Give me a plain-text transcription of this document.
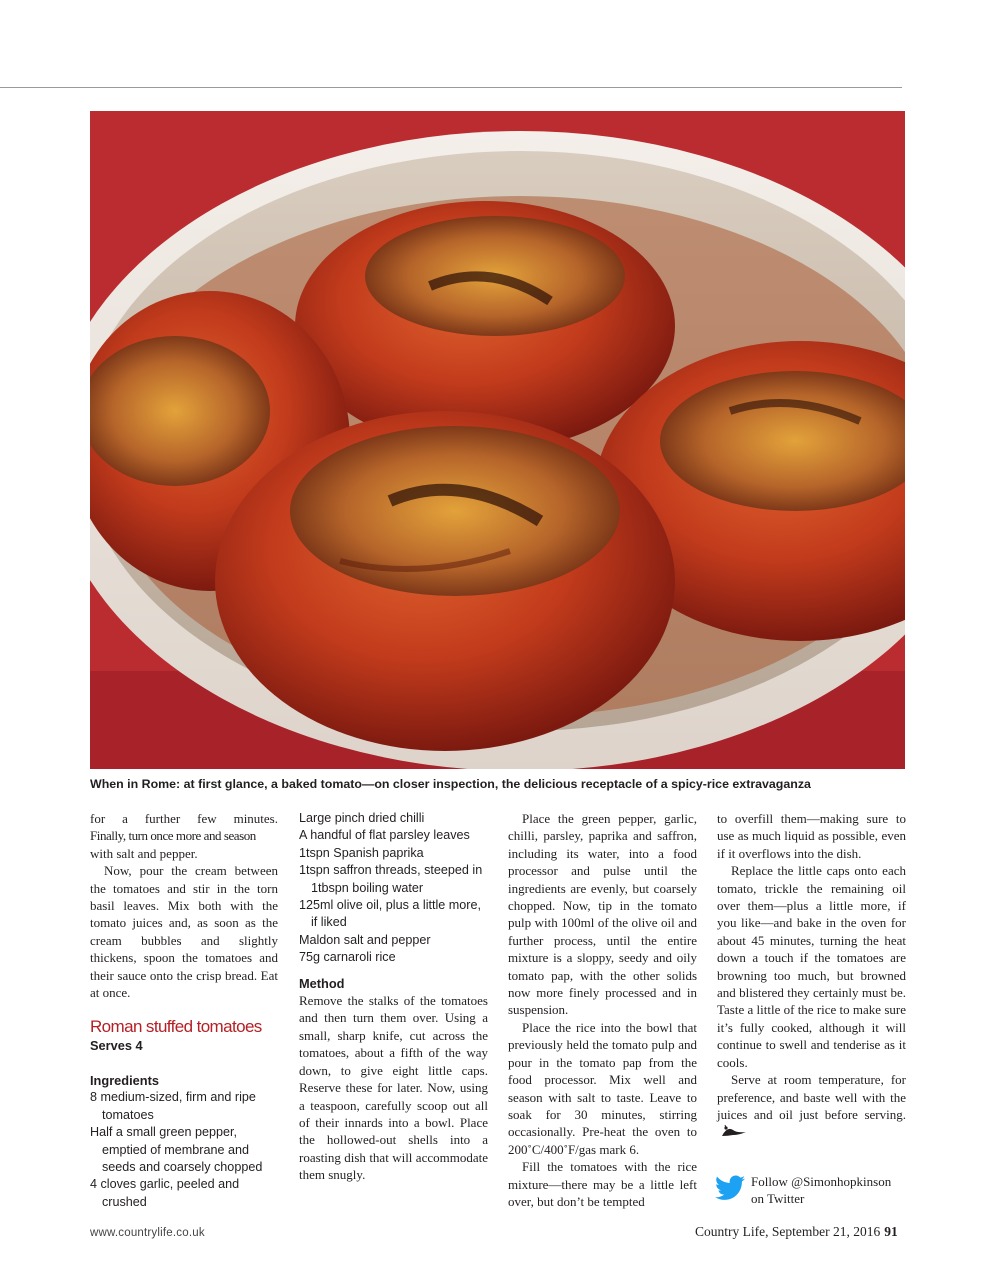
When in Rome: at first glance, a baked tomato—on closer inspection, the delicious receptacle of a spicy-rice extravaganza

for a further few minutes.

Finally, turn once more and season

with salt and pepper.

Now, pour the cream between the tomatoes and stir in the torn basil leaves. Mix both with the tomato juices and, as soon as the cream bubbles and slightly thickens, spoon the tomatoes and their sauce onto the crisp bread. Eat at once.

Roman stuffed tomatoes
Serves 4
Ingredients
8 medium-sized, firm and ripe tomatoes
Half a small green pepper, emptied of membrane and seeds and coarsely chopped
4 cloves garlic, peeled and crushed
Large pinch dried chilli
A handful of flat parsley leaves
1tspn Spanish paprika
1tspn saffron threads, steeped in 1tbspn boiling water
125ml olive oil, plus a little more, if liked
Maldon salt and pepper
75g carnaroli rice
Method

Remove the stalks of the tomatoes and then turn them over. Using a small, sharp knife, cut across the tomatoes, about a fifth of the way down, to give eight little caps. Reserve these for later. Now, using a teaspoon, carefully scoop out all of their innards into a bowl. Place the hollowed-out shells into a roasting dish that will accommodate them snugly.

Place the green pepper, garlic, chilli, parsley, paprika and saffron, including its water, into a food processor and pulse until the ingredients are evenly, but coarsely chopped. Now, tip in the tomato pulp with 100ml of the olive oil and further process, until the entire mixture is a sloppy, seedy and oily tomato pap, with the other solids now more finely processed and in suspension.

Place the rice into the bowl that previously held the tomato pulp and pour in the tomato pap from the food processor. Mix well and season with salt to taste. Leave to soak for 30 minutes, stirring occasionally. Pre-heat the oven to 200˚C/400˚F/gas mark 6.

Fill the tomatoes with the rice mixture—there may be a little left over, but don’t be tempted

to overfill them—making sure to use as much liquid as possible, even if it overflows into the dish.

Replace the little caps onto each tomato, trickle the remaining oil over them—plus a little more, if you like—and bake in the oven for about 45 minutes, turning the heat down a touch if the tomatoes are browning too much, but browned and blistered they certainly must be. Taste a little of the rice to make sure it’s fully cooked, although it will continue to swell and tenderise as it cools.

Serve at room temperature, for preference, and baste well with the juices and oil just before serving.

Follow @Simonhopkinson
on Twitter
www.countrylife.co.uk	Country Life, September 21, 2016 91
